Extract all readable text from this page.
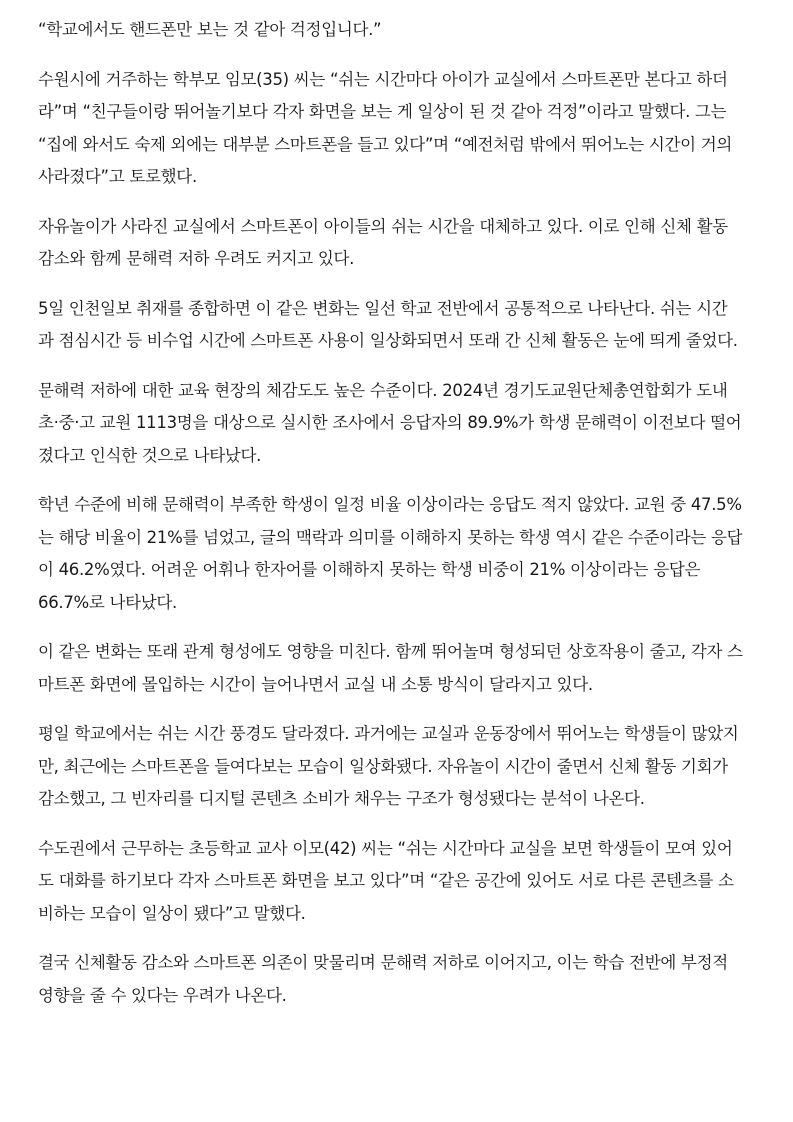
“학교에서도 핸드폰만 보는 것 같아 걱정입니다.”

수원시에 거주하는 학부모 임모(35) 씨는 “쉬는 시간마다 아이가 교실에서 스마트폰만 본다고 하더
라”며 “친구들이랑 뛰어놀기보다 각자 화면을 보는 게 일상이 된 것 같아 걱정”이라고 말했다. 그는
“집에 와서도 숙제 외에는 대부분 스마트폰을 들고 있다”며 “예전처럼 밖에서 뛰어노는 시간이 거의
사라졌다”고 토로했다.

자유놀이가 사라진 교실에서 스마트폰이 아이들의 쉬는 시간을 대체하고 있다. 이로 인해 신체 활동
감소와 함께 문해력 저하 우려도 커지고 있다.

5일 인천일보 취재를 종합하면 이 같은 변화는 일선 학교 전반에서 공통적으로 나타난다. 쉬는 시간
과 점심시간 등 비수업 시간에 스마트폰 사용이 일상화되면서 또래 간 신체 활동은 눈에 띄게 줄었다.

문해력 저하에 대한 교육 현장의 체감도도 높은 수준이다. 2024년 경기도교원단체총연합회가 도내
초·중·고 교원 1113명을 대상으로 실시한 조사에서 응답자의 89.9%가 학생 문해력이 이전보다 떨어
졌다고 인식한 것으로 나타났다.

학년 수준에 비해 문해력이 부족한 학생이 일정 비율 이상이라는 응답도 적지 않았다. 교원 중 47.5%
는 해당 비율이 21%를 넘었고, 글의 맥락과 의미를 이해하지 못하는 학생 역시 같은 수준이라는 응답
이 46.2%였다. 어려운 어휘나 한자어를 이해하지 못하는 학생 비중이 21% 이상이라는 응답은
66.7%로 나타났다.

이 같은 변화는 또래 관계 형성에도 영향을 미친다. 함께 뛰어놀며 형성되던 상호작용이 줄고, 각자 스
마트폰 화면에 몰입하는 시간이 늘어나면서 교실 내 소통 방식이 달라지고 있다.

평일 학교에서는 쉬는 시간 풍경도 달라졌다. 과거에는 교실과 운동장에서 뛰어노는 학생들이 많았지
만, 최근에는 스마트폰을 들여다보는 모습이 일상화됐다. 자유놀이 시간이 줄면서 신체 활동 기회가
감소했고, 그 빈자리를 디지털 콘텐츠 소비가 채우는 구조가 형성됐다는 분석이 나온다.

수도권에서 근무하는 초등학교 교사 이모(42) 씨는 “쉬는 시간마다 교실을 보면 학생들이 모여 있어
도 대화를 하기보다 각자 스마트폰 화면을 보고 있다”며 “같은 공간에 있어도 서로 다른 콘텐츠를 소
비하는 모습이 일상이 됐다”고 말했다.

결국 신체활동 감소와 스마트폰 의존이 맞물리며 문해력 저하로 이어지고, 이는 학습 전반에 부정적
영향을 줄 수 있다는 우려가 나온다.
